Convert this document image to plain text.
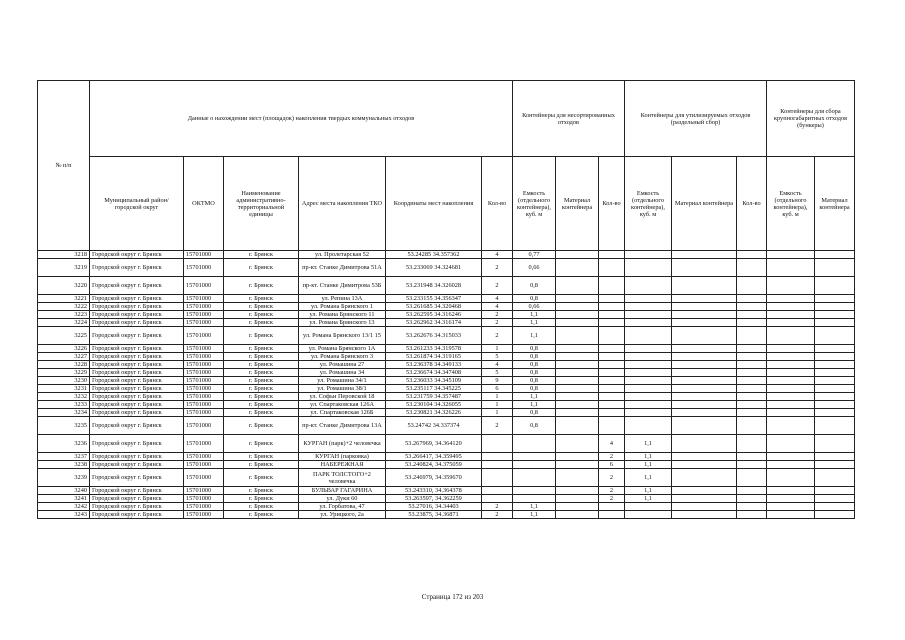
№ п/п	Данные о нахождении мест (площадок) накопления твердых коммунальных отходов						Контейнеры для несортированных отходов			Контейнеры для утилизируемых отходов (раздельный сбор)			Контейнеры для сбора крупногабаритных отходов (бункеры)	
	Муниципальный район/городской округ	ОКТМО	Наименование административно-территориальной единицы	Адрес места накопления ТКО	Координаты мест накопления	Кол-во	Емкость (отдельного контейнера), куб. м	Материал контейнера	Кол-во	Емкость (отдельного контейнера), куб. м	Материал контейнера	Кол-во	Емкость (отдельного контейнера), куб. м	Материал контейнера
3218	Городской округ г. Брянск	15701000	г. Брянск	ул. Пролетарская 52	53.24285 34.357362	4	0,77							
3219	Городской округ г. Брянск	15701000	г. Брянск	пр-кт. Станке Димитрова 51А	53.233069 34.324681	2	0,66							
3220	Городской округ г. Брянск	15701000	г. Брянск	пр-кт. Станке Димитрова 53Б	53.231948 34.326028	2	0,8							
3221	Городской округ г. Брянск	15701000	г. Брянск	ул. Репина 13А	53.233155 34.356347	4	0,8							
3222	Городской округ г. Брянск	15701000	г. Брянск	ул. Романа Брянского 1	53.261685 34.320468	4	0,66							
3223	Городской округ г. Брянск	15701000	г. Брянск	ул. Романа Брянского 11	53.262595 34.316246	2	1,1							
3224	Городской округ г. Брянск	15701000	г. Брянск	ул. Романа Брянского 13	53.262962 34.316174	2	1,1							
3225	Городской округ г. Брянск	15701000	г. Брянск	ул. Романа Брянского 13/1 15	53.262676 34.315033	2	1,1							
3226	Городской округ г. Брянск	15701000	г. Брянск	ул. Романа Брянского 1А	53.261233 34.319578	1	0,8							
3227	Городской округ г. Брянск	15701000	г. Брянск	ул. Романа Брянского 3	53.261874 34.319165	5	0,8							
3228	Городской округ г. Брянск	15701000	г. Брянск	ул. Ромашина 27	53.236378 34.349133	4	0,8							
3229	Городской округ г. Брянск	15701000	г. Брянск	ул. Ромашина 34	53.236674 34.347408	5	0,8							
3230	Городской округ г. Брянск	15701000	г. Брянск	ул. Ромашина 34/1	53.236033 34.345109	9	0,8							
3231	Городской округ г. Брянск	15701000	г. Брянск	ул. Ромашина 38/1	53.235117 34.345225	6	0,8							
3232	Городской округ г. Брянск	15701000	г. Брянск	ул. Софьи Перовской 18	53.231759 34.357487	1	1,1							
3233	Городской округ г. Брянск	15701000	г. Брянск	ул. Спартаковская 126А	53.230104 34.326055	1	1,1							
3234	Городской округ г. Брянск	15701000	г. Брянск	ул. Спартаковская 126Б	53.230821 34.326226	1	0,8							
3235	Городской округ г. Брянск	15701000	г. Брянск	пр-кт. Станке Димитрова 13А	53.24742 34.337374	2	0,8							
3236	Городской округ г. Брянск	15701000	г. Брянск	КУРГАН (парк)+2 человечка	53.267969, 34.364120				4	1,1				
3237	Городской округ г. Брянск	15701000	г. Брянск	КУРГАН (парковка)	53.266417, 34.359495				2	1,1				
3238	Городской округ г. Брянск	15701000	г. Брянск	НАБЕРЕЖНАЯ	53.240824, 34.375059				6	1,1				
3239	Городской округ г. Брянск	15701000	г. Брянск	ПАРК ТОЛСТОГО+2 человечка	53.246979, 34.359670				2	1,1				
3240	Городской округ г. Брянск	15701000	г. Брянск	БУЛЬВАР ГАГАРИНА	53.243310, 34.364378				2	1,1				
3241	Городской округ г. Брянск	15701000	г. Брянск	ул. Дуки 60	53.263597, 34.362259				2	1,1				
3242	Городской округ г. Брянск	15701000	г. Брянск	ул. Горбатова, 47	53.27016, 34.34403	2	1,1							
3243	Городской округ г. Брянск	15701000	г. Брянск	ул. Урицкого, 2а	53.23875, 34.36871	2	1,1							
Страница 172 из 203
